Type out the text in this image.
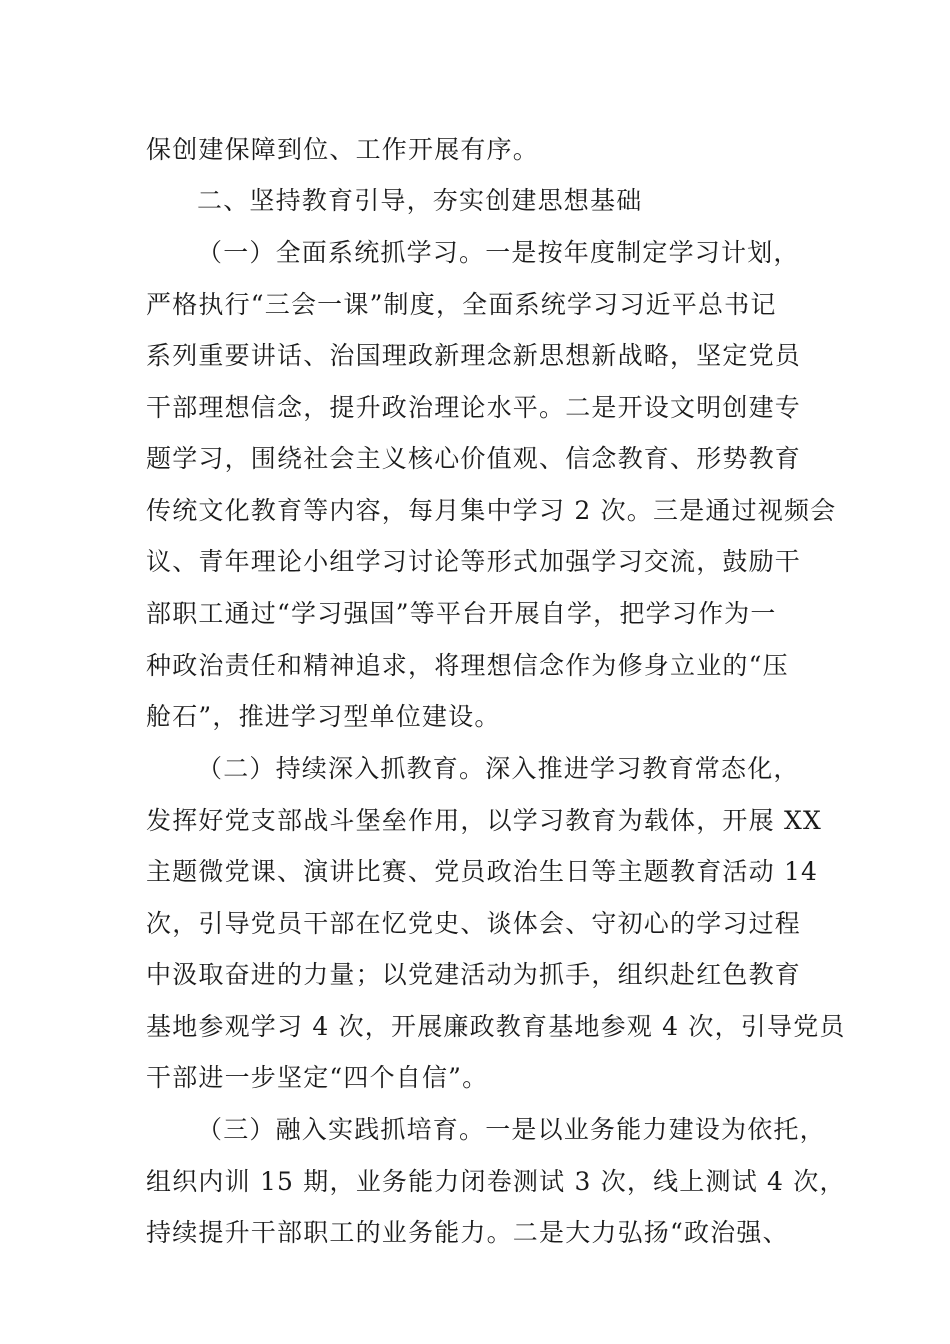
保创建保障到位、工作开展有序。
二、坚持教育引导，夯实创建思想基础
（一）全面系统抓学习。一是按年度制定学习计划，
严格执行“三会一课”制度，全面系统学习习近平总书记
系列重要讲话、治国理政新理念新思想新战略，坚定党员
干部理想信念，提升政治理论水平。二是开设文明创建专
题学习，围绕社会主义核心价值观、信念教育、形势教育
传统文化教育等内容，每月集中学习 2 次。三是通过视频会
议、青年理论小组学习讨论等形式加强学习交流，鼓励干
部职工通过“学习强国”等平台开展自学，把学习作为一
种政治责任和精神追求，将理想信念作为修身立业的“压
舱石”，推进学习型单位建设。
（二）持续深入抓教育。深入推进学习教育常态化，
发挥好党支部战斗堡垒作用，以学习教育为载体，开展 XX
主题微党课、演讲比赛、党员政治生日等主题教育活动 14
次，引导党员干部在忆党史、谈体会、守初心的学习过程
中汲取奋进的力量；以党建活动为抓手，组织赴红色教育
基地参观学习 4 次，开展廉政教育基地参观 4 次，引导党员
干部进一步坚定“四个自信”。
（三）融入实践抓培育。一是以业务能力建设为依托，
组织内训 15 期，业务能力闭卷测试 3 次，线上测试 4 次，
持续提升干部职工的业务能力。二是大力弘扬“政治强、
